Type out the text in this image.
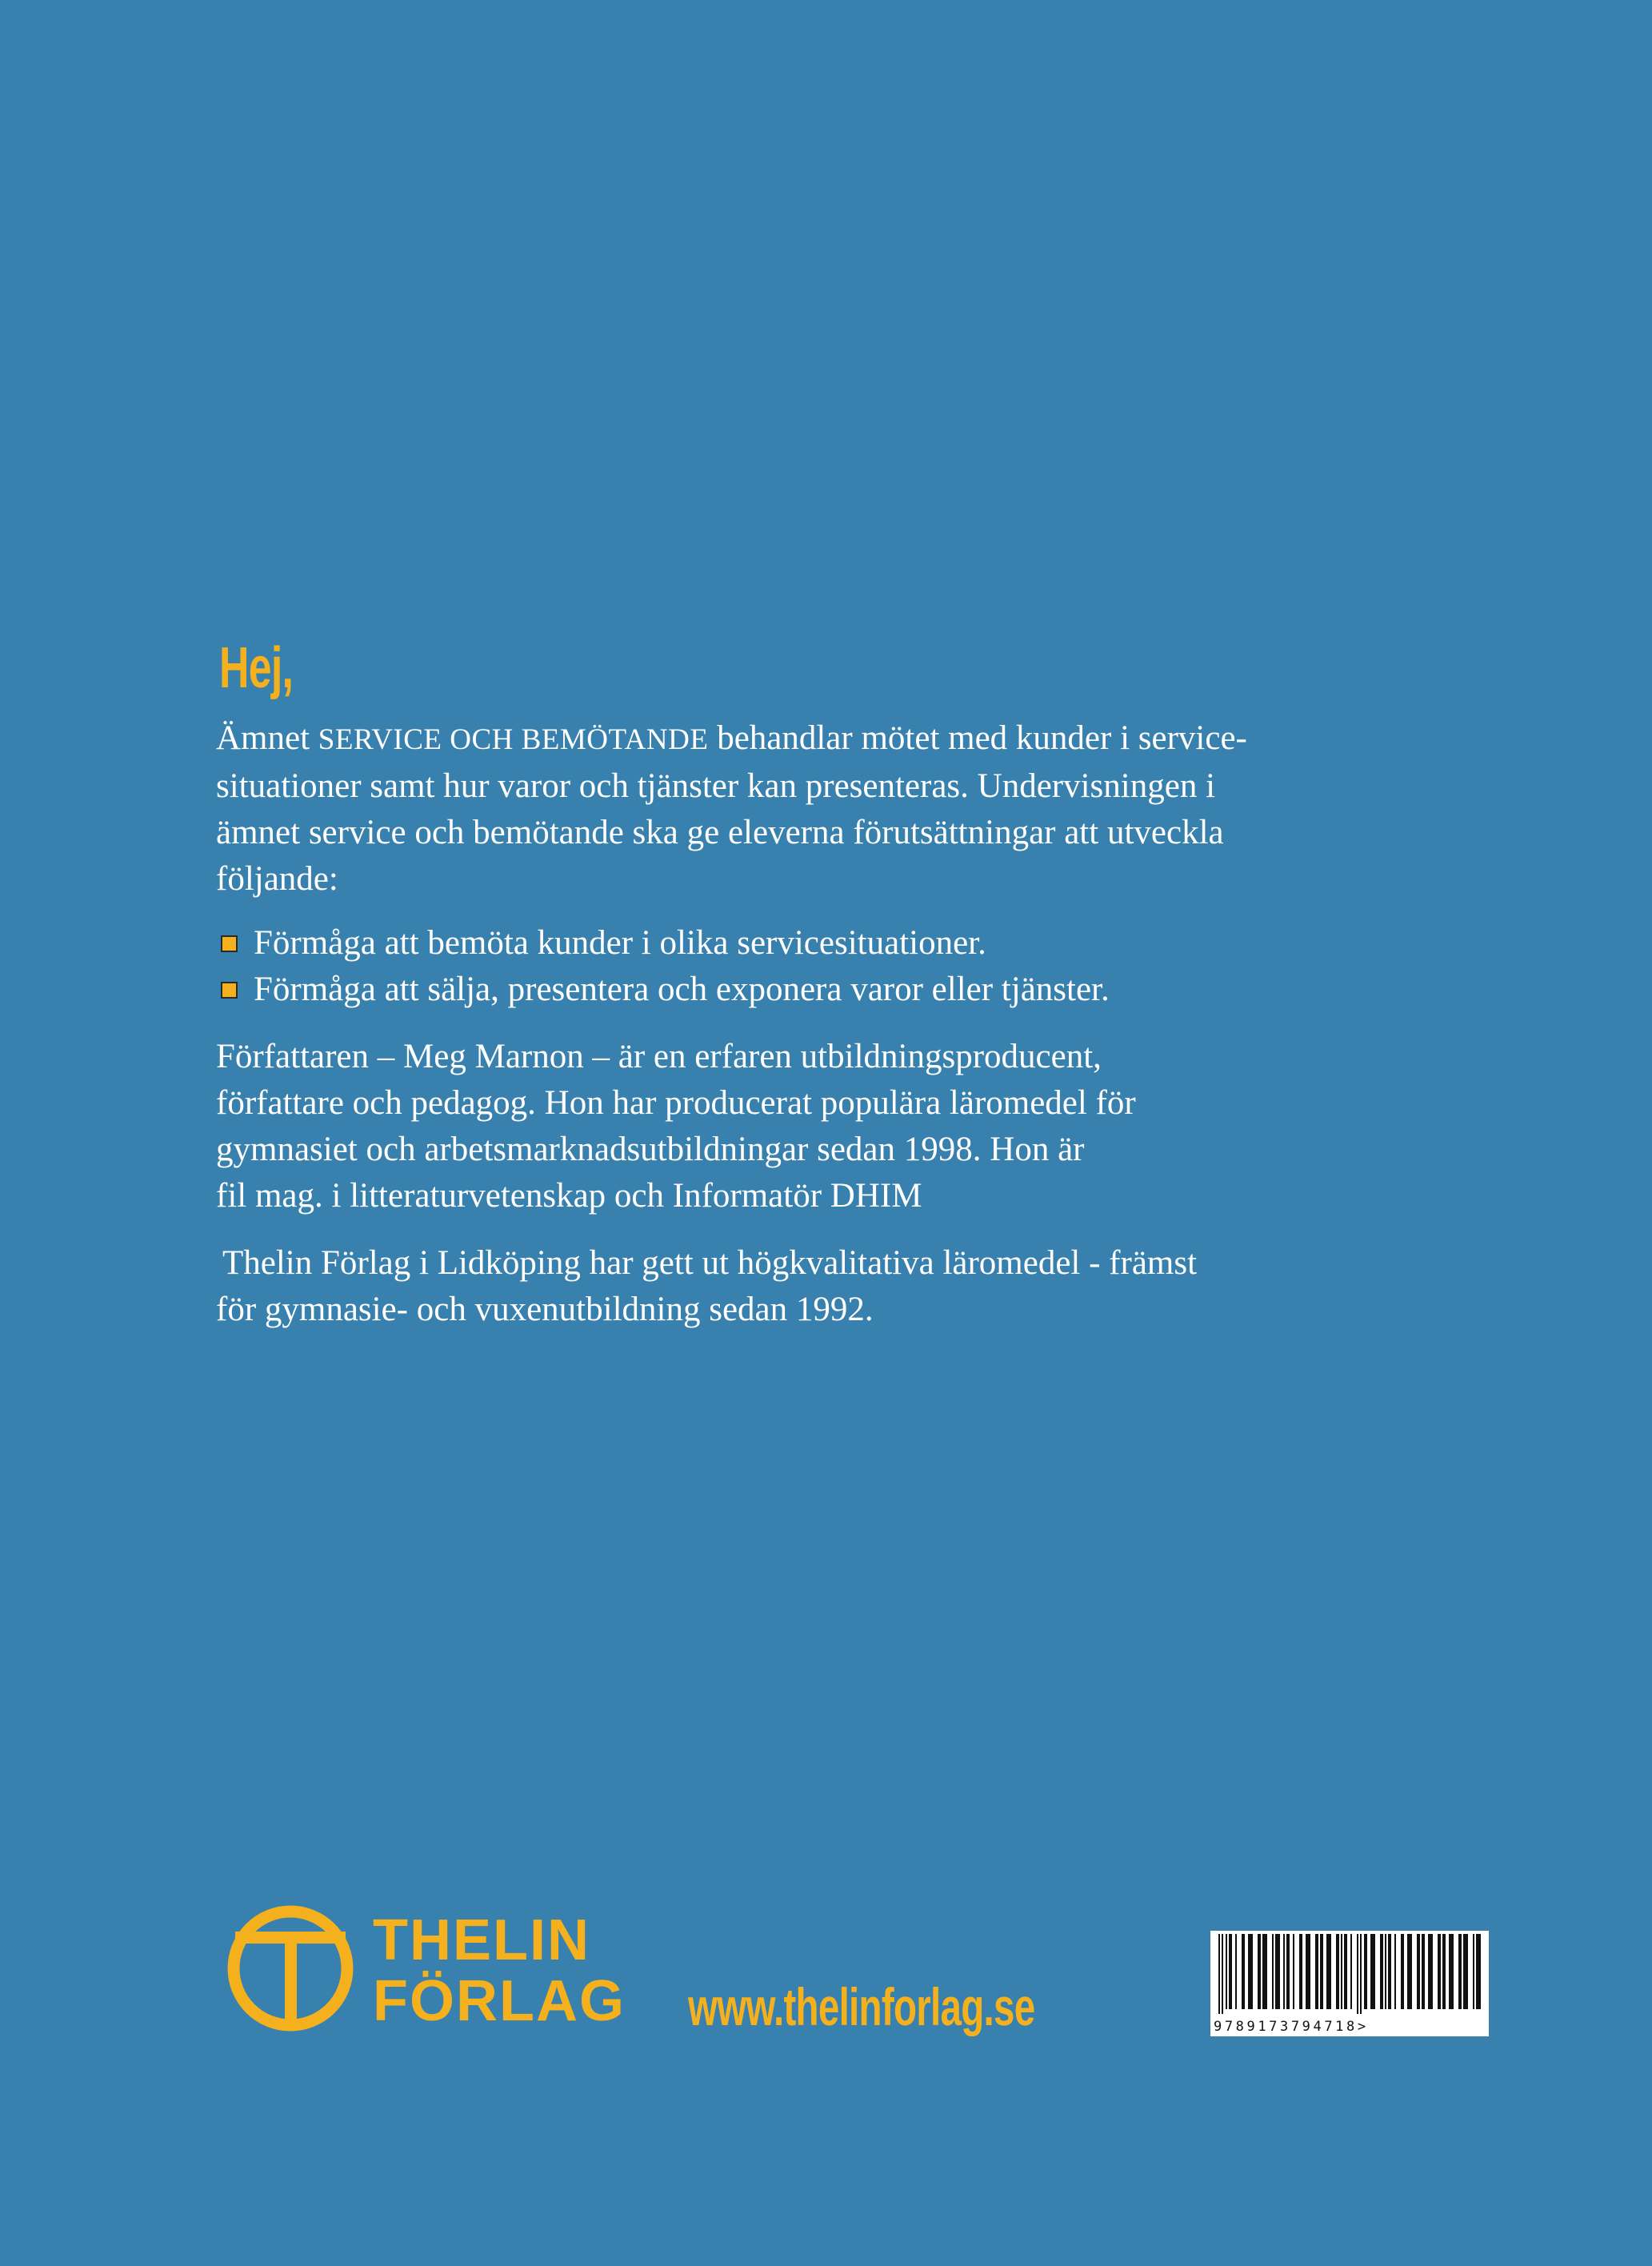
Hej,

Ämnet SERVICE OCH BEMÖTANDE behandlar mötet med kunder i service-
situationer samt hur varor och tjänster kan presenteras. Undervisningen i
ämnet service och bemötande ska ge eleverna förutsättningar att utveckla
följande:

Förmåga att bemöta kunder i olika servicesituationer.
Förmåga att sälja, presentera och exponera varor eller tjänster.

Författaren – Meg Marnon – är en erfaren utbildningsproducent,
författare och pedagog. Hon har producerat populära läromedel för
gymnasiet och arbetsmarknadsutbildningar sedan 1998. Hon är
fil mag. i litteraturvetenskap och Informatör DHIM

Thelin Förlag i Lidköping har gett ut högkvalitativa läromedel - främst
för gymnasie- och vuxenutbildning sedan 1992.

THELIN
FÖRLAG www.thelinforlag.se	9789173794718>
